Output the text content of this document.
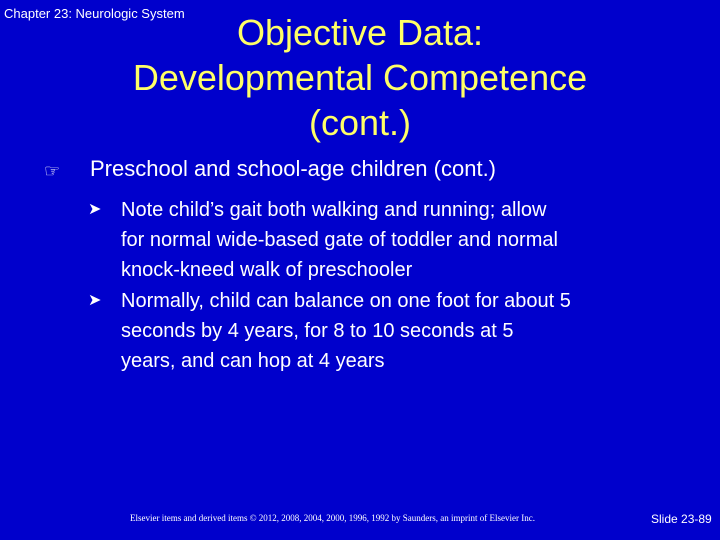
Chapter 23: Neurologic System	Objective Data:
Developmental Competence
(cont.)
☞	Preschool and school-age children (cont.)
➤ Note child’s gait both walking and running; allow
for normal wide-based gate of toddler and normal
knock-kneed walk of preschooler
➤ Normally, child can balance on one foot for about 5
seconds by 4 years, for 8 to 10 seconds at 5
years, and can hop at 4 years
Elsevier items and derived items © 2012, 2008, 2004, 2000, 1996, 1992 by Saunders, an imprint of Elsevier Inc.	Slide 23-89
